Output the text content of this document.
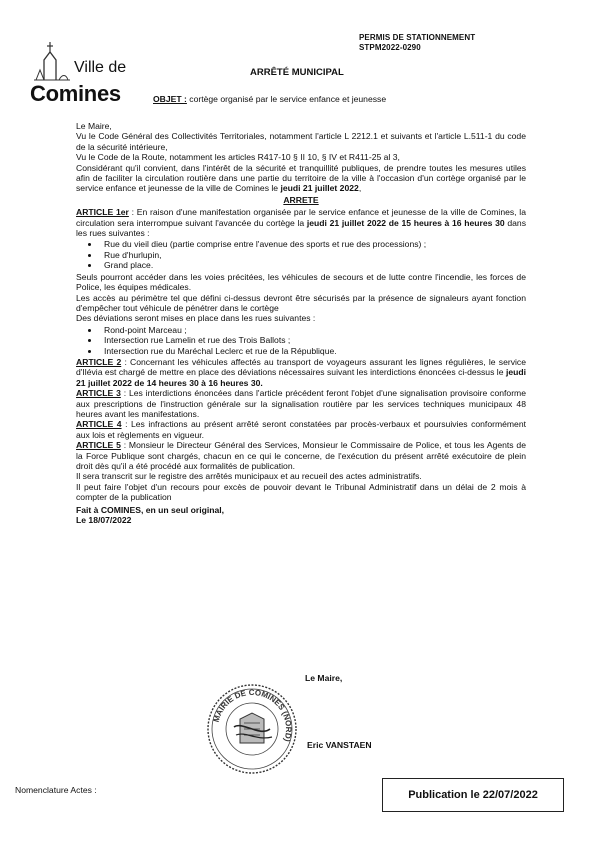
PERMIS DE STATIONNEMENT
STPM2022-0290
Ville de
Comines
ARRÊTÉ MUNICIPAL
OBJET : cortège organisé par le service enfance et jeunesse

Le Maire,

Vu le Code Général des Collectivités Territoriales, notamment l'article L 2212.1 et suivants et l'article L.511-1 du code de la sécurité intérieure,

Vu le Code de la Route, notamment les articles R417-10 § II 10, § IV et R411-25 al 3,

Considérant qu'il convient, dans l'intérêt de la sécurité et tranquillité publiques, de prendre toutes les mesures utiles afin de faciliter la circulation routière dans une partie du territoire de la ville à l'occasion d'un cortège organisé par le service enfance et jeunesse de la ville de Comines le jeudi 21 juillet 2022,

ARRETE

ARTICLE 1er : En raison d'une manifestation organisée par le service enfance et jeunesse de la ville de Comines, la circulation sera interrompue suivant l'avancée du cortège la jeudi 21 juillet 2022 de 15 heures à 16 heures 30 dans les rues suivantes :

• Rue du vieil dieu (partie comprise entre l'avenue des sports et rue des processions) ;
• Rue d'hurlupin,
• Grand place.

Seuls pourront accéder dans les voies précitées, les véhicules de secours et de lutte contre l'incendie, les forces de Police, les équipes médicales.

Les accès au périmètre tel que défini ci-dessus devront être sécurisés par la présence de signaleurs ayant fonction d'empêcher tout véhicule de pénétrer dans le cortège

Des déviations seront mises en place dans les rues suivantes :

• Rond-point Marceau ;
• Intersection rue Lamelin et rue des Trois Ballots ;
• Intersection rue du Maréchal Leclerc et rue de la République.

ARTICLE 2 : Concernant les véhicules affectés au transport de voyageurs assurant les lignes régulières, le service d'Ilévia est chargé de mettre en place des déviations nécessaires suivant les interdictions énoncées ci-dessus le jeudi 21 juillet 2022 de 14 heures 30 à 16 heures 30.

ARTICLE 3 : Les interdictions énoncées dans l'article précédent feront l'objet d'une signalisation provisoire conforme aux prescriptions de l'instruction générale sur la signalisation routière par les services techniques municipaux 48 heures avant les manifestations.

ARTICLE 4 : Les infractions au présent arrêté seront constatées par procès-verbaux et poursuivies conformément aux lois et règlements en vigueur.

ARTICLE 5 : Monsieur le Directeur Général des Services, Monsieur le Commissaire de Police, et tous les Agents de la Force Publique sont chargés, chacun en ce qui le concerne, de l'exécution du présent arrêté exécutoire de plein droit dès qu'il a été procédé aux formalités de publication.

Il sera transcrit sur le registre des arrêtés municipaux et au recueil des actes administratifs.

Il peut faire l'objet d'un recours pour excès de pouvoir devant le Tribunal Administratif dans un délai de 2 mois à compter de la publication

Fait à COMINES, en un seul original,

Le 18/07/2022

Le Maire,
MAIRIE DE COMINES (NORD) Eric VANSTAEN
Nomenclature Actes :	Publication le 22/07/2022
